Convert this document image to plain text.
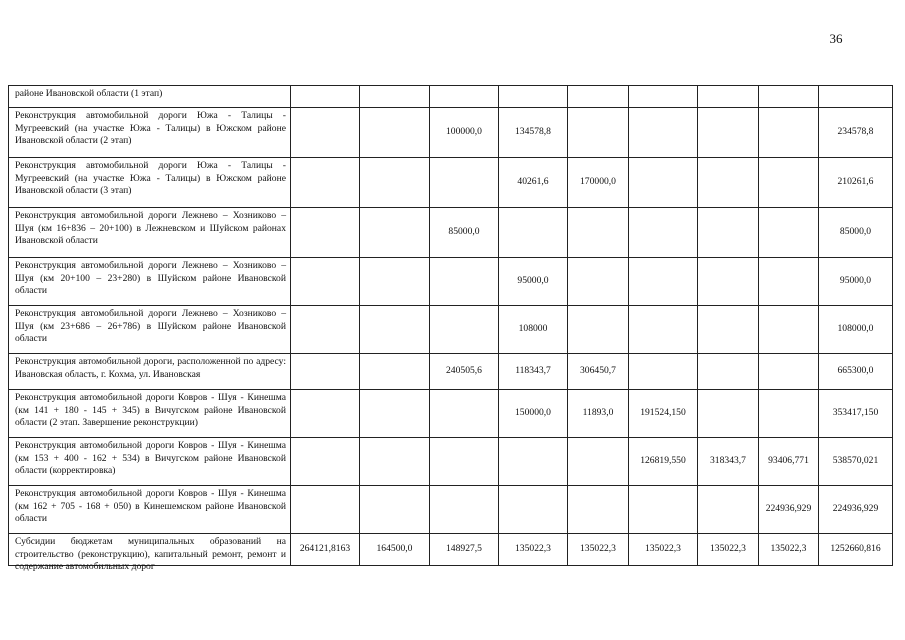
36
районе Ивановской области (1 этап)									
Реконструкция автомобильной дороги Южа - Талицы - Мугреевский (на участке Южа - Талицы) в Южском районе Ивановской области (2 этап)			100000,0	134578,8					234578,8
Реконструкция автомобильной дороги Южа - Талицы - Мугреевский (на участке Южа - Талицы) в Южском районе Ивановской области (3 этап)				40261,6	170000,0				210261,6
Реконструкция автомобильной дороги Лежнево – Хозниково – Шуя (км 16+836 – 20+100) в Лежневском и Шуйском районах Ивановской области			85000,0						85000,0
Реконструкция автомобильной дороги Лежнево – Хозниково – Шуя (км 20+100 – 23+280) в Шуйском районе Ивановской области				95000,0					95000,0
Реконструкция автомобильной дороги Лежнево – Хозниково – Шуя (км 23+686 – 26+786) в Шуйском районе Ивановской области				108000					108000,0
Реконструкция автомобильной дороги, расположенной по адресу: Ивановская область, г. Кохма, ул. Ивановская			240505,6	118343,7	306450,7				665300,0
Реконструкция автомобильной дороги Ковров - Шуя - Кинешма (км 141 + 180 - 145 + 345) в Вичугском районе Ивановской области (2 этап. Завершение реконструкции)				150000,0	11893,0	191524,150			353417,150
Реконструкция автомобильной дороги Ковров - Шуя - Кинешма (км 153 + 400 - 162 + 534) в Вичугском районе Ивановской области (корректировка)						126819,550	318343,7	93406,771	538570,021
Реконструкция автомобильной дороги Ковров - Шуя - Кинешма (км 162 + 705 - 168 + 050) в Кинешемском районе Ивановской области								224936,929	224936,929

Субсидии бюджетам муниципальных образований на строительство (реконструкцию), капитальный ремонт, ремонт и содержание автомобильных дорог	264121,8163	164500,0	148927,5	135022,3	135022,3	135022,3	135022,3	135022,3	1252660,816
